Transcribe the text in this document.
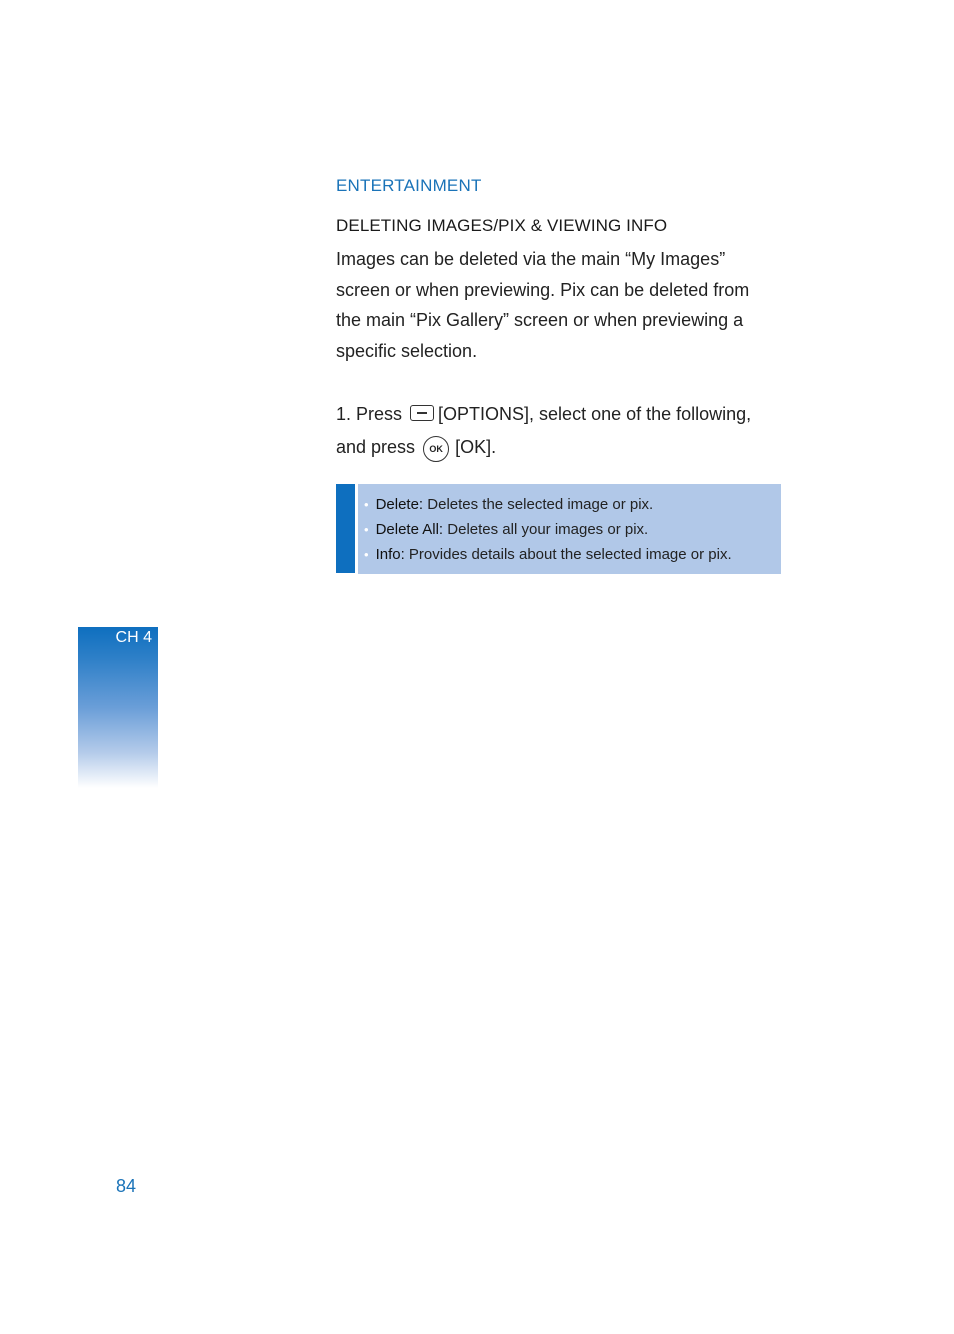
ENTERTAINMENT
DELETING IMAGES/PIX & VIEWING INFO
Images can be deleted via the main “My Images” screen or when previewing. Pix can be deleted from the main “Pix Gallery” screen or when previewing a specific selection.
1. Press [OPTIONS], select one of the following,
and press OK [OK].
• Delete: Deletes the selected image or pix.
• Delete All: Deletes all your images or pix.
• Info: Provides details about the selected image or pix.
CH 4
84
